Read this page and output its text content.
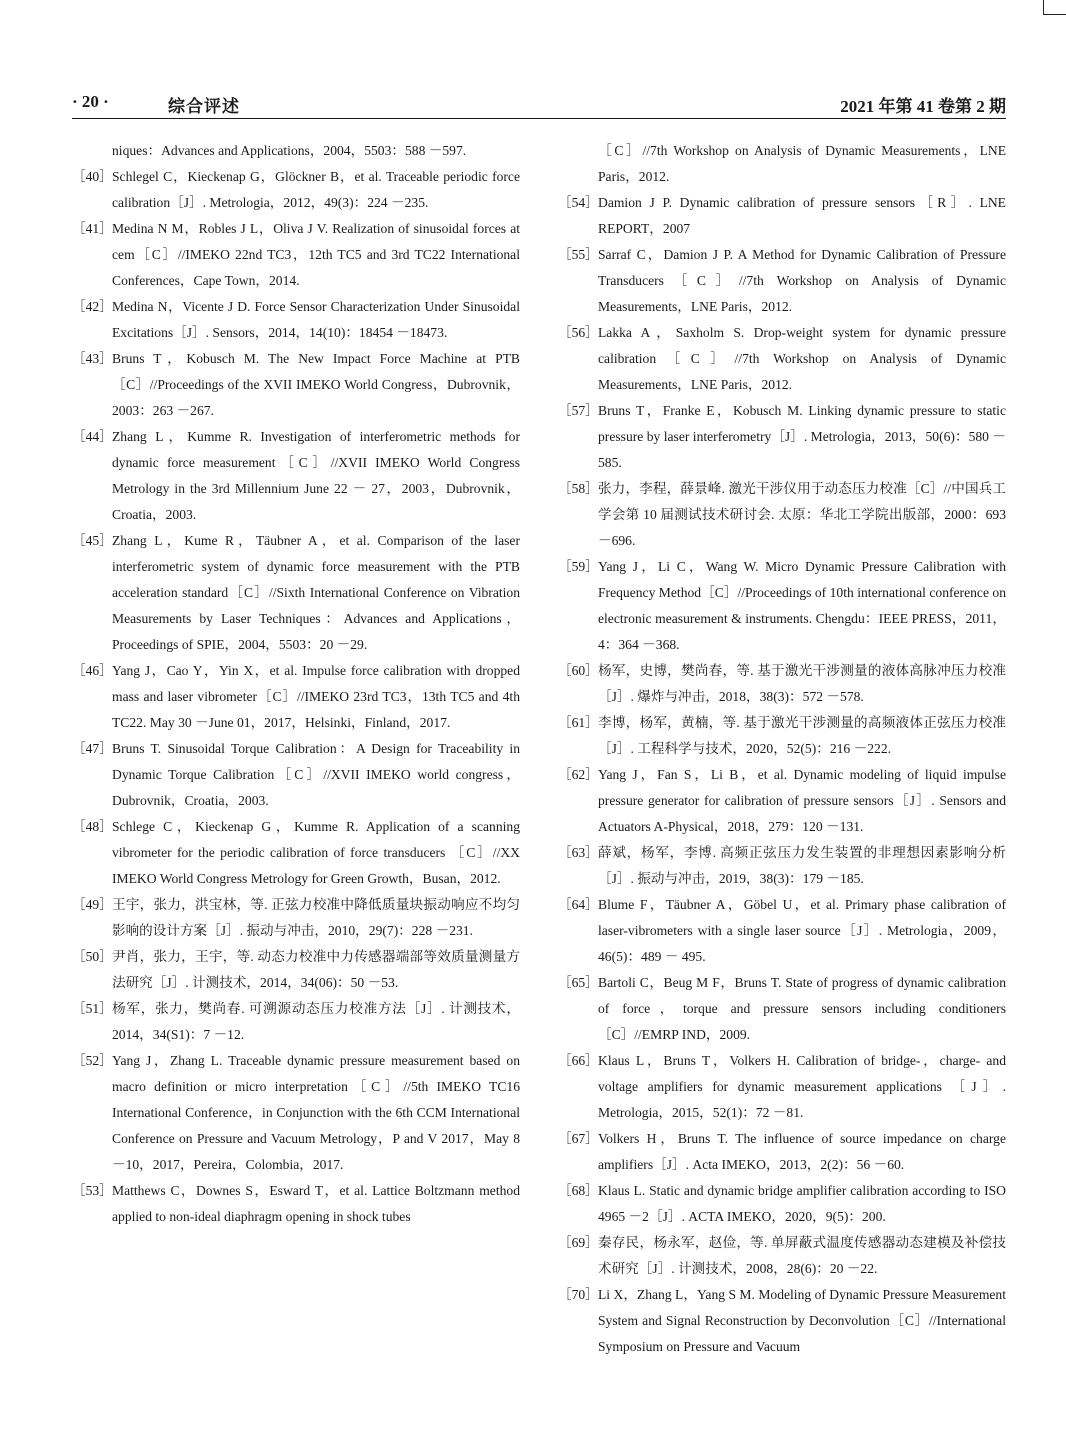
· 20 ·	综合评述	2021 年第 41 卷第 2 期
niques：Advances and Applications，2004，5503：588 －597.
［40］ Schlegel C，Kieckenap G，Glöckner B，et al. Traceable periodic force calibration［J］. Metrologia，2012，49(3)：224 －235.
［41］ Medina N M，Robles J L，Oliva J V. Realization of sinusoidal forces at cem［C］//IMEKO 22nd TC3，12th TC5 and 3rd TC22 International Conferences，Cape Town，2014.
［42］ Medina N，Vicente J D. Force Sensor Characterization Under Sinusoidal Excitations［J］. Sensors，2014，14(10)：18454 －18473.
［43］ Bruns T，Kobusch M. The New Impact Force Machine at PTB ［C］//Proceedings of the XVII IMEKO World Congress，Dubrovnik，2003：263 －267.
［44］ Zhang L，Kumme R. Investigation of interferometric methods for dynamic force measurement［C］//XVII IMEKO World Congress Metrology in the 3rd Millennium June 22 － 27，2003，Dubrovnik，Croatia，2003.
［45］ Zhang L，Kume R，Täubner A，et al. Comparison of the laser interferometric system of dynamic force measurement with the PTB acceleration standard［C］//Sixth International Conference on Vibration Measurements by Laser Techniques：Advances and Applications，Proceedings of SPIE，2004，5503：20 －29.
［46］ Yang J，Cao Y，Yin X，et al. Impulse force calibration with dropped mass and laser vibrometer［C］//IMEKO 23rd TC3，13th TC5 and 4th TC22. May 30 －June 01，2017，Helsinki，Finland，2017.
［47］ Bruns T. Sinusoidal Torque Calibration：A Design for Traceability in Dynamic Torque Calibration［C］//XVII IMEKO world congress，Dubrovnik，Croatia，2003.
［48］ Schlege C，Kieckenap G，Kumme R. Application of a scanning vibrometer for the periodic calibration of force transducers ［C］//XX IMEKO World Congress Metrology for Green Growth，Busan，2012.
［49］ 王宇，张力，洪宝林，等. 正弦力校准中降低质量块振动响应不均匀影响的设计方案［J］. 振动与冲击，2010，29(7)：228 －231.
［50］ 尹肖，张力，王宇，等. 动态力校准中力传感器端部等效质量测量方法研究［J］. 计测技术，2014，34(06)：50 －53.
［51］ 杨军，张力，樊尚春. 可溯源动态压力校准方法［J］. 计测技术，2014，34(S1)：7 －12.
［52］ Yang J，Zhang L. Traceable dynamic pressure measurement based on macro definition or micro interpretation［C］//5th IMEKO TC16 International Conference，in Conjunction with the 6th CCM International Conference on Pressure and Vacuum Metrology，P and V 2017，May 8 －10，2017，Pereira，Colombia，2017.
［53］ Matthews C，Downes S，Esward T，et al. Lattice Boltzmann method applied to non-ideal diaphragm opening in shock tubes
［C］//7th Workshop on Analysis of Dynamic Measurements，LNE Paris，2012.
［54］ Damion J P. Dynamic calibration of pressure sensors［R］. LNE REPORT，2007
［55］ Sarraf C，Damion J P. A Method for Dynamic Calibration of Pressure Transducers［C］//7th Workshop on Analysis of Dynamic Measurements，LNE Paris，2012.
［56］ Lakka A，Saxholm S. Drop-weight system for dynamic pressure calibration［C］//7th Workshop on Analysis of Dynamic Measurements，LNE Paris，2012.
［57］ Bruns T，Franke E，Kobusch M. Linking dynamic pressure to static pressure by laser interferometry［J］. Metrologia，2013，50(6)：580 －585.
［58］ 张力，李程，薛景峰. 激光干涉仪用于动态压力校准［C］//中国兵工学会第 10 届测试技术研讨会. 太原：华北工学院出版部，2000：693 －696.
［59］ Yang J，Li C，Wang W. Micro Dynamic Pressure Calibration with Frequency Method［C］//Proceedings of 10th international conference on electronic measurement & instruments. Chengdu：IEEE PRESS，2011，4：364 －368.
［60］ 杨军，史博，樊尚春，等. 基于激光干涉测量的液体高脉冲压力校准［J］. 爆炸与冲击，2018，38(3)：572 －578.
［61］ 李博，杨军，黄楠，等. 基于激光干涉测量的高频液体正弦压力校准［J］. 工程科学与技术，2020，52(5)：216 －222.
［62］ Yang J，Fan S，Li B，et al. Dynamic modeling of liquid impulse pressure generator for calibration of pressure sensors［J］. Sensors and Actuators A-Physical，2018，279：120 －131.
［63］ 薛斌，杨军，李博. 高频正弦压力发生装置的非理想因素影响分析［J］. 振动与冲击，2019，38(3)：179 －185.
［64］ Blume F，Täubner A，Göbel U，et al. Primary phase calibration of laser-vibrometers with a single laser source［J］. Metrologia，2009，46(5)：489 － 495.
［65］ Bartoli C，Beug M F，Bruns T. State of progress of dynamic calibration of force，torque and pressure sensors including conditioners［C］//EMRP IND，2009.
［66］ Klaus L，Bruns T，Volkers H. Calibration of bridge-，charge- and voltage amplifiers for dynamic measurement applications ［J］. Metrologia，2015，52(1)：72 －81.
［67］ Volkers H，Bruns T. The influence of source impedance on charge amplifiers［J］. Acta IMEKO，2013，2(2)：56 －60.
［68］ Klaus L. Static and dynamic bridge amplifier calibration according to ISO 4965 －2［J］. ACTA IMEKO，2020，9(5)：200.
［69］ 秦存民，杨永军，赵俭，等. 单屏蔽式温度传感器动态建模及补偿技术研究［J］. 计测技术，2008，28(6)：20 －22.
［70］ Li X，Zhang L，Yang S M. Modeling of Dynamic Pressure Measurement System and Signal Reconstruction by Deconvolution［C］//International Symposium on Pressure and Vacuum
